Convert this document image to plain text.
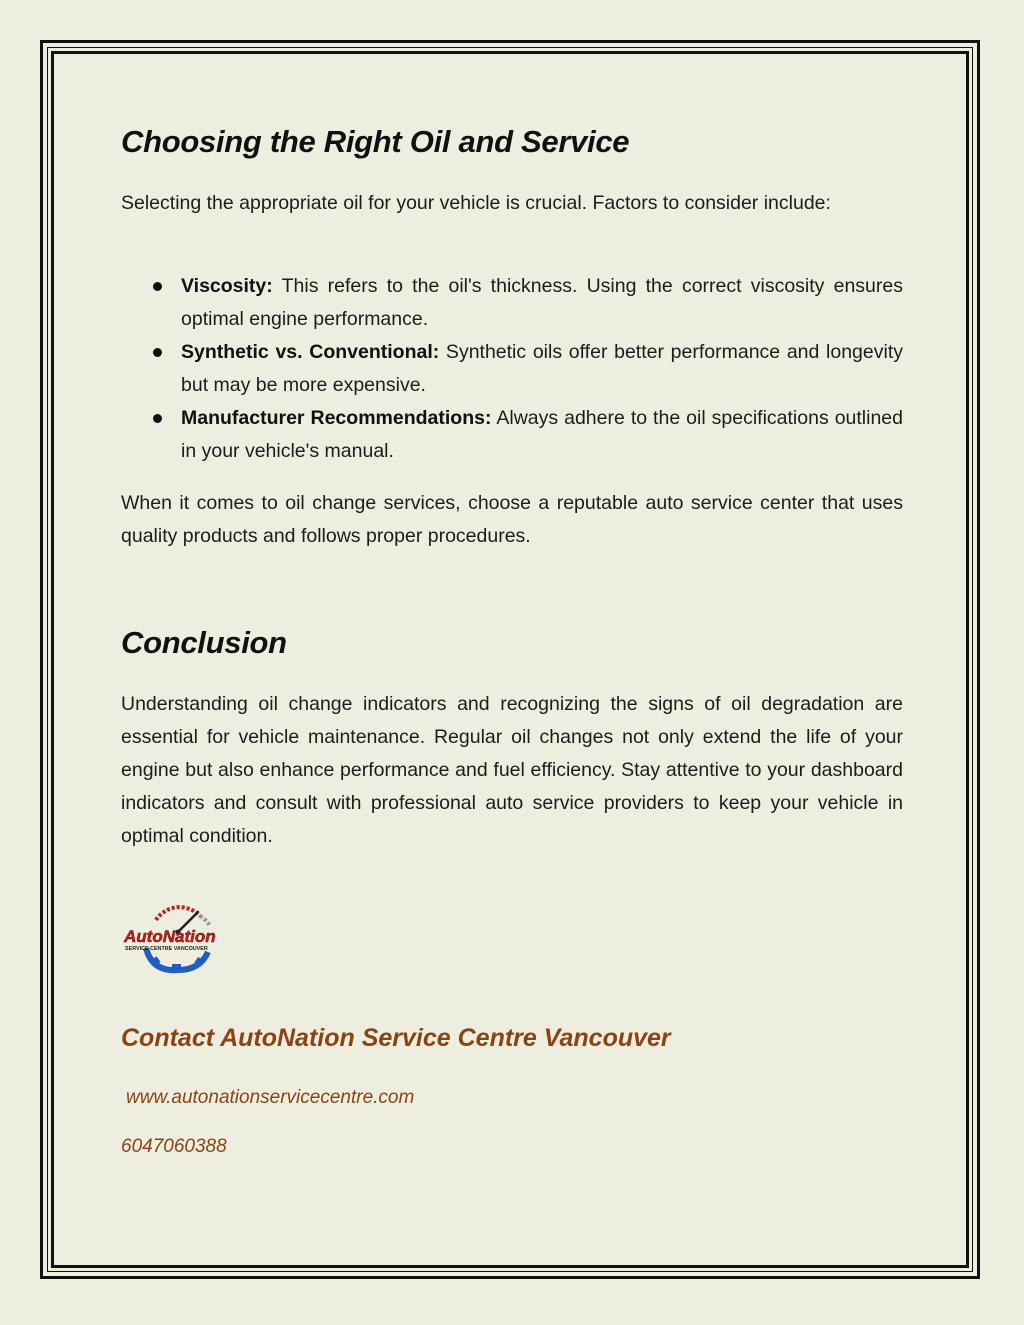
Choosing the Right Oil and Service

Selecting the appropriate oil for your vehicle is crucial. Factors to consider include:

Viscosity: This refers to the oil's thickness. Using the correct viscosity ensures optimal engine performance.
Synthetic vs. Conventional: Synthetic oils offer better performance and longevity but may be more expensive.
Manufacturer Recommendations: Always adhere to the oil specifications outlined in your vehicle's manual.

When it comes to oil change services, choose a reputable auto service center that uses quality products and follows proper procedures.

Conclusion

Understanding oil change indicators and recognizing the signs of oil degradation are essential for vehicle maintenance. Regular oil changes not only extend the life of your engine but also enhance performance and fuel efficiency. Stay attentive to your dashboard indicators and consult with professional auto service providers to keep your vehicle in optimal condition.

Contact AutoNation Service Centre Vancouver

www.autonationservicecentre.com

6047060388

AutoNation
SERVICE CENTRE VANCOUVER
